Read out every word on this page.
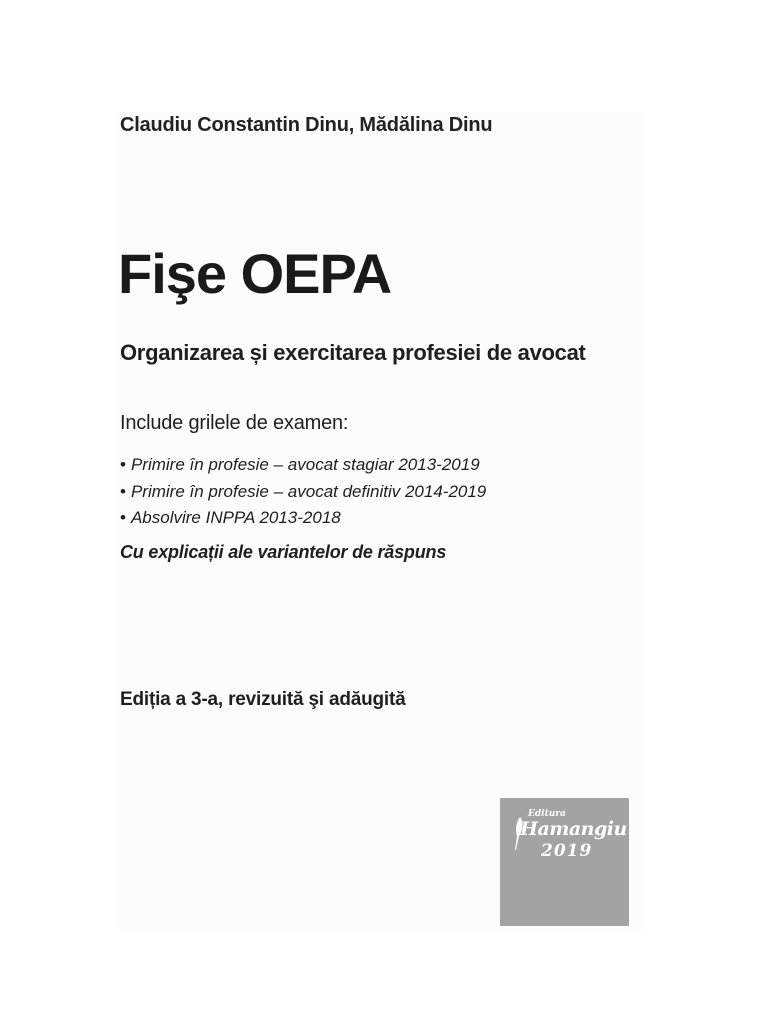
Claudiu Constantin Dinu, Mădălina Dinu
Fişe OEPA
Organizarea și exercitarea profesiei de avocat
Include grilele de examen:
• Primire în profesie – avocat stagiar 2013-2019
• Primire în profesie – avocat definitiv 2014-2019
• Absolvire INPPA 2013-2018
Cu explicații ale variantelor de răspuns
Ediția a 3-a, revizuită şi adăugită
Editura
Hamangiu
2019
